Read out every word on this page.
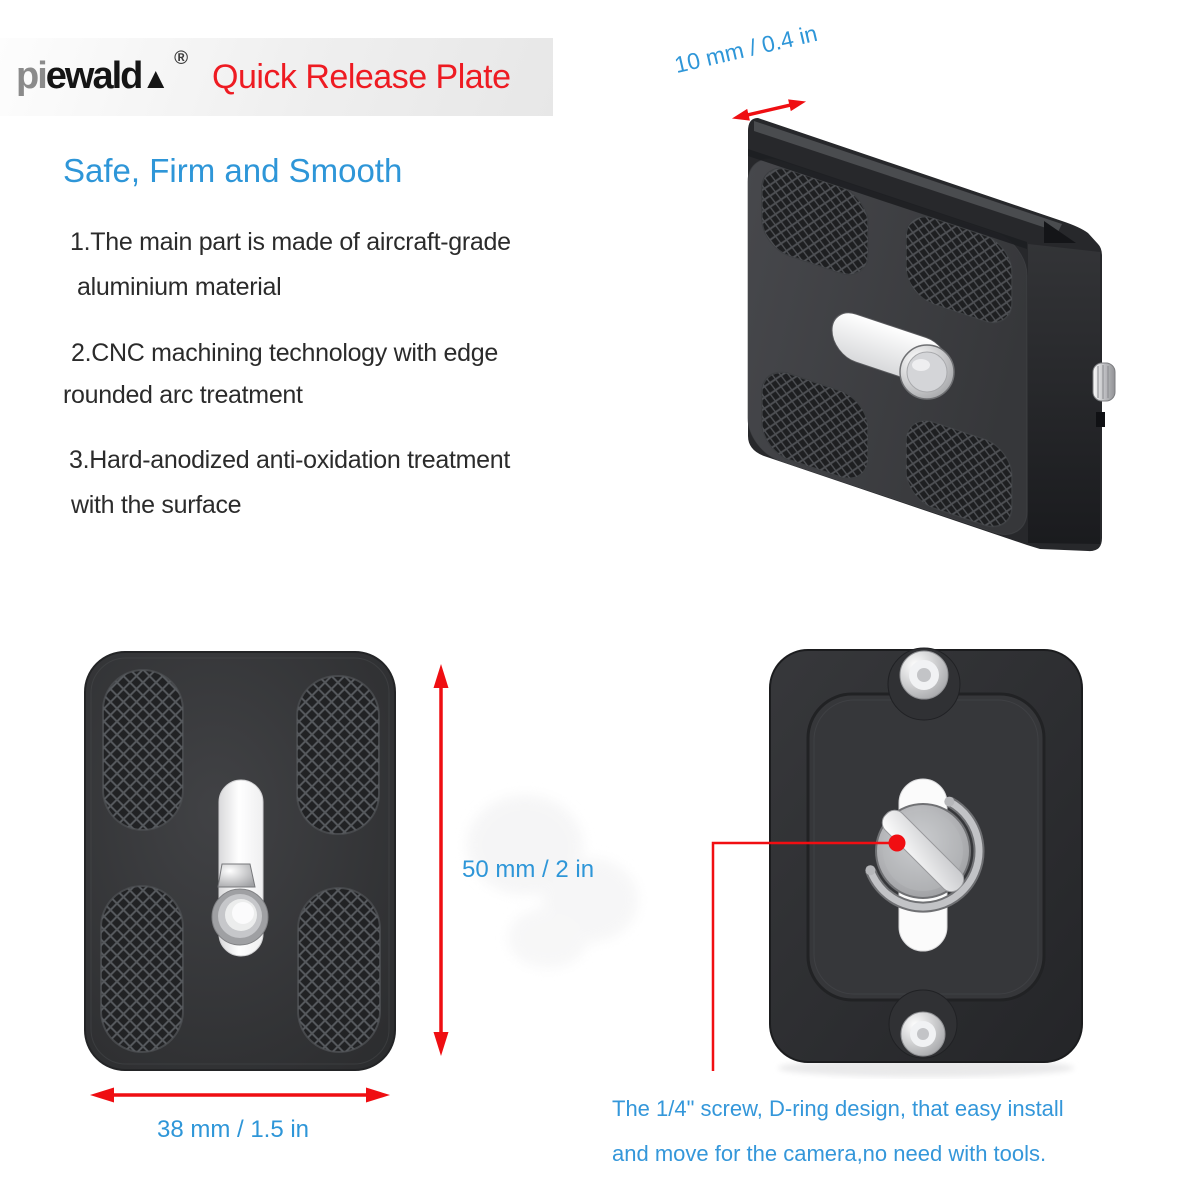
piewald▲® Quick Release Plate
Safe, Firm and Smooth
1.The main part is made of aircraft-grade
aluminium material
2.CNC machining technology with edge
rounded arc treatment
3.Hard-anodized anti-oxidation treatment
with the surface
10 mm / 0.4 in
50 mm / 2 in
38 mm / 1.5 in
The 1/4" screw, D-ring design, that easy install
and move for the camera,no need with tools.
